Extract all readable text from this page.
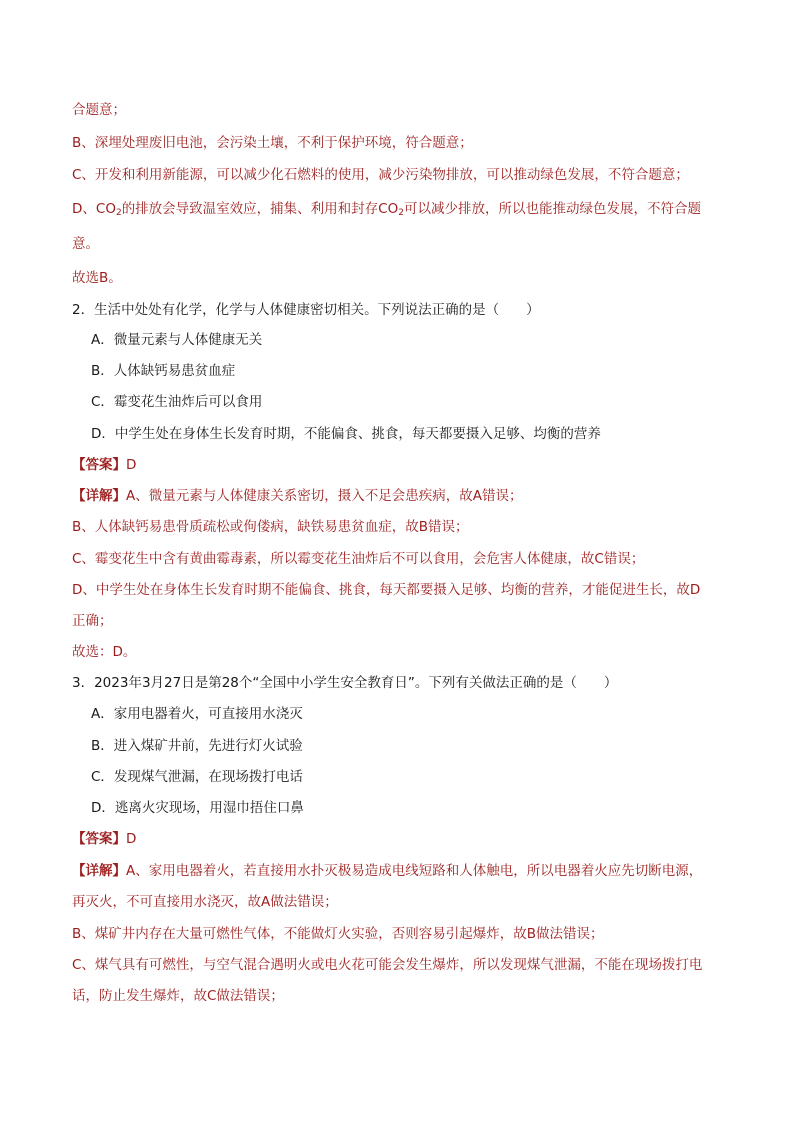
合题意；
B、深埋处理废旧电池，会污染土壤，不利于保护环境，符合题意；
C、开发和利用新能源，可以减少化石燃料的使用，减少污染物排放，可以推动绿色发展，不符合题意；
D、$CO_2$的排放会导致温室效应，捕集、利用和封存$CO_2$可以减少排放，所以也能推动绿色发展，不符合题
意。
故选B。
2．生活中处处有化学，化学与人体健康密切相关。下列说法正确的是（　　）
A．微量元素与人体健康无关
B．人体缺钙易患贫血症
C．霉变花生油炸后可以食用
D．中学生处在身体生长发育时期，不能偏食、挑食，每天都要摄入足够、均衡的营养
【答案】D
【详解】A、微量元素与人体健康关系密切，摄入不足会患疾病，故A错误；
B、人体缺钙易患骨质疏松或佝偻病，缺铁易患贫血症，故B错误；
C、霉变花生中含有黄曲霉毒素，所以霉变花生油炸后不可以食用，会危害人体健康，故C错误；
D、中学生处在身体生长发育时期不能偏食、挑食，每天都要摄入足够、均衡的营养，才能促进生长，故D
正确；
故选：D。
3．2023年3月27日是第28个“全国中小学生安全教育日”。下列有关做法正确的是（　　）
A．家用电器着火，可直接用水浇灭
B．进入煤矿井前，先进行灯火试验
C．发现煤气泄漏，在现场拨打电话
D．逃离火灾现场，用湿巾捂住口鼻
【答案】D
【详解】A、家用电器着火，若直接用水扑灭极易造成电线短路和人体触电，所以电器着火应先切断电源，
再灭火，不可直接用水浇灭，故A做法错误；
B、煤矿井内存在大量可燃性气体，不能做灯火实验，否则容易引起爆炸，故B做法错误；
C、煤气具有可燃性，与空气混合遇明火或电火花可能会发生爆炸，所以发现煤气泄漏，不能在现场拨打电
话，防止发生爆炸，故C做法错误；
